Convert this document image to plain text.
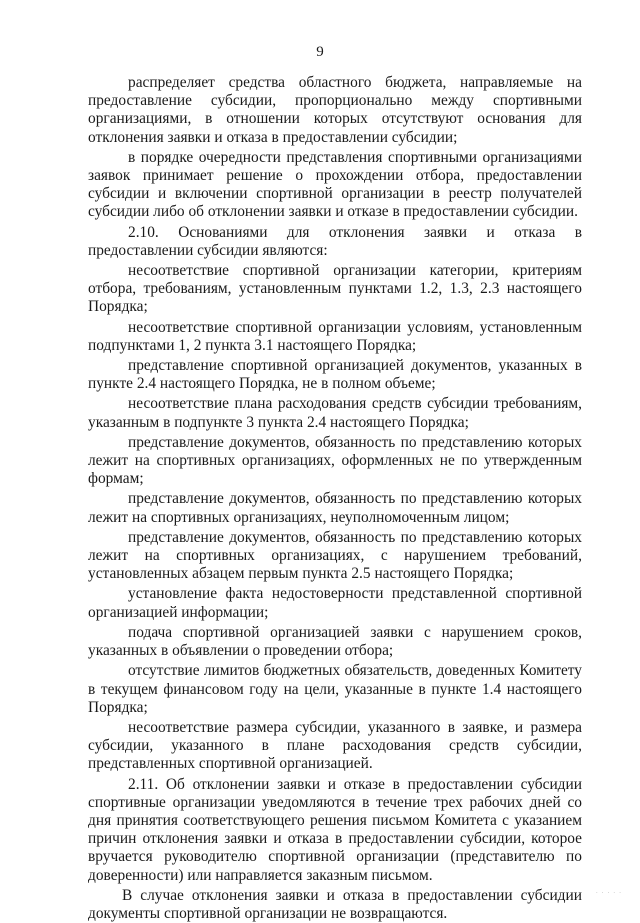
9

распределяет средства областного бюджета, направляемые на предоставление субсидии, пропорционально между спортивными организациями, в отношении которых отсутствуют основания для отклонения заявки и отказа в предоставлении субсидии;

в порядке очередности представления спортивными организациями заявок принимает решение о прохождении отбора, предоставлении субсидии и включении спортивной организации в реестр получателей субсидии либо об отклонении заявки и отказе в предоставлении субсидии.

2.10. Основаниями для отклонения заявки и отказа в предоставлении субсидии являются:

несоответствие спортивной организации категории, критериям отбора, требованиям, установленным пунктами 1.2, 1.3, 2.3 настоящего Порядка;

несоответствие спортивной организации условиям, установленным подпунктами 1, 2 пункта 3.1 настоящего Порядка;

представление спортивной организацией документов, указанных в пункте 2.4 настоящего Порядка, не в полном объеме;

несоответствие плана расходования средств субсидии требованиям, указанным в подпункте 3 пункта 2.4 настоящего Порядка;

представление документов, обязанность по представлению которых лежит на спортивных организациях, оформленных не по утвержденным формам;

представление документов, обязанность по представлению которых лежит на спортивных организациях, неуполномоченным лицом;

представление документов, обязанность по представлению которых лежит на спортивных организациях, с нарушением требований, установленных абзацем первым пункта 2.5 настоящего Порядка;

установление факта недостоверности представленной спортивной организацией информации;

подача спортивной организацией заявки с нарушением сроков, указанных в объявлении о проведении отбора;

отсутствие лимитов бюджетных обязательств, доведенных Комитету в текущем финансовом году на цели, указанные в пункте 1.4 настоящего Порядка;

несоответствие размера субсидии, указанного в заявке, и размера субсидии, указанного в плане расходования средств субсидии, представленных спортивной организацией.

2.11. Об отклонении заявки и отказе в предоставлении субсидии спортивные организации уведомляются в течение трех рабочих дней со дня принятия соответствующего решения письмом Комитета с указанием причин отклонения заявки и отказа в предоставлении субсидии, которое вручается руководителю спортивной организации (представителю по доверенности) или направляется заказным письмом.

В случае отклонения заявки и отказа в предоставлении субсидии документы спортивной организации не возвращаются.

· · · · ·
